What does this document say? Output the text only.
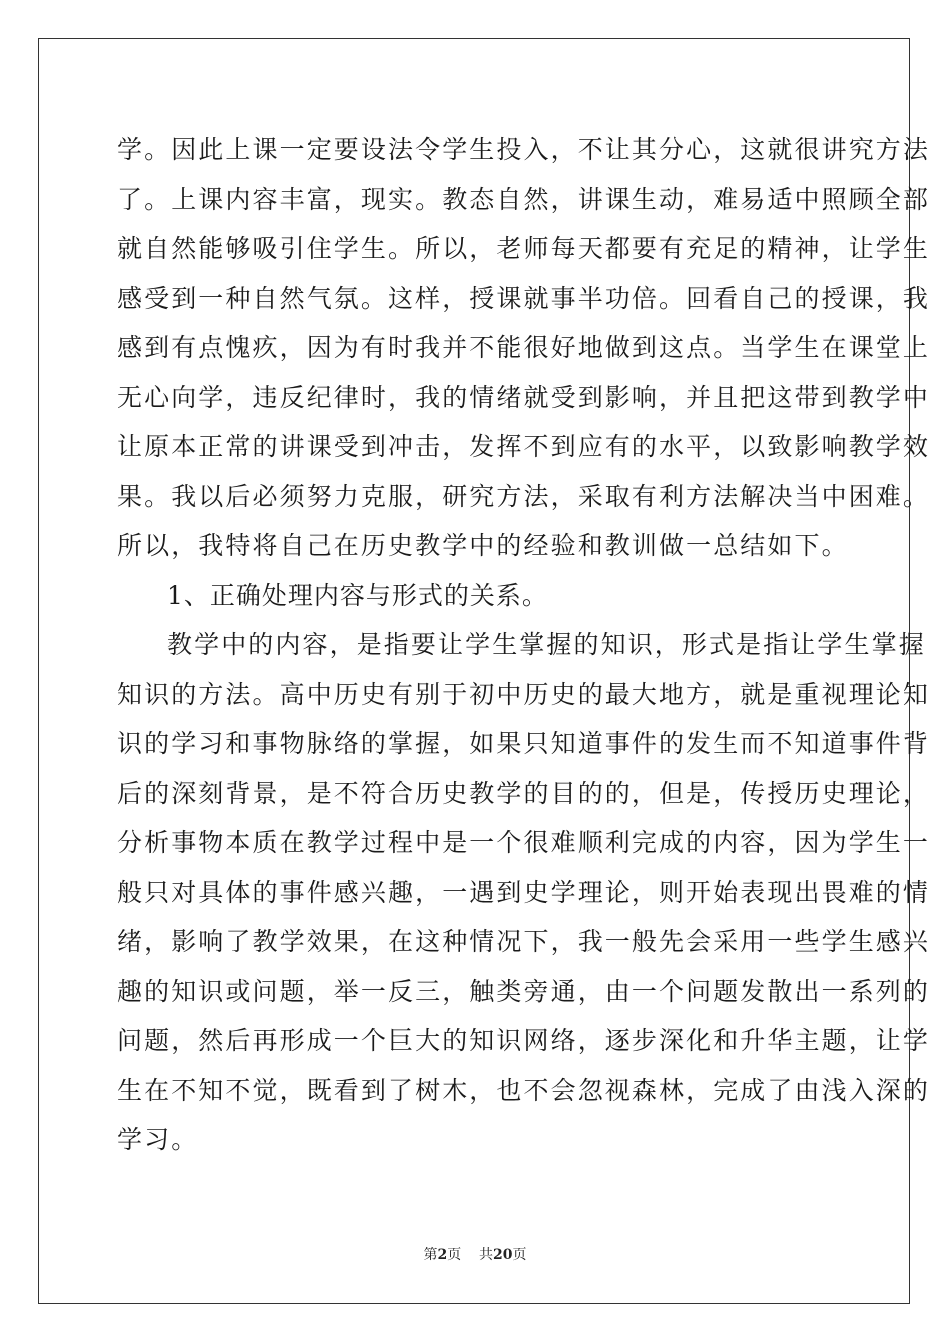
学。因此上课一定要设法令学生投入，不让其分心，这就很讲究方法
了。上课内容丰富，现实。教态自然，讲课生动，难易适中照顾全部
就自然能够吸引住学生。所以，老师每天都要有充足的精神，让学生
感受到一种自然气氛。这样，授课就事半功倍。回看自己的授课，我
感到有点愧疚，因为有时我并不能很好地做到这点。当学生在课堂上
无心向学，违反纪律时，我的情绪就受到影响，并且把这带到教学中
让原本正常的讲课受到冲击，发挥不到应有的水平，以致影响教学效
果。我以后必须努力克服，研究方法，采取有利方法解决当中困难。
所以，我特将自己在历史教学中的经验和教训做一总结如下。
1、正确处理内容与形式的关系。
教学中的内容，是指要让学生掌握的知识，形式是指让学生掌握
知识的方法。高中历史有别于初中历史的最大地方，就是重视理论知
识的学习和事物脉络的掌握，如果只知道事件的发生而不知道事件背
后的深刻背景，是不符合历史教学的目的的，但是，传授历史理论，
分析事物本质在教学过程中是一个很难顺利完成的内容，因为学生一
般只对具体的事件感兴趣，一遇到史学理论，则开始表现出畏难的情
绪，影响了教学效果，在这种情况下，我一般先会采用一些学生感兴
趣的知识或问题，举一反三，触类旁通，由一个问题发散出一系列的
问题，然后再形成一个巨大的知识网络，逐步深化和升华主题，让学
生在不知不觉，既看到了树木，也不会忽视森林，完成了由浅入深的
学习。
第2页 共20页
